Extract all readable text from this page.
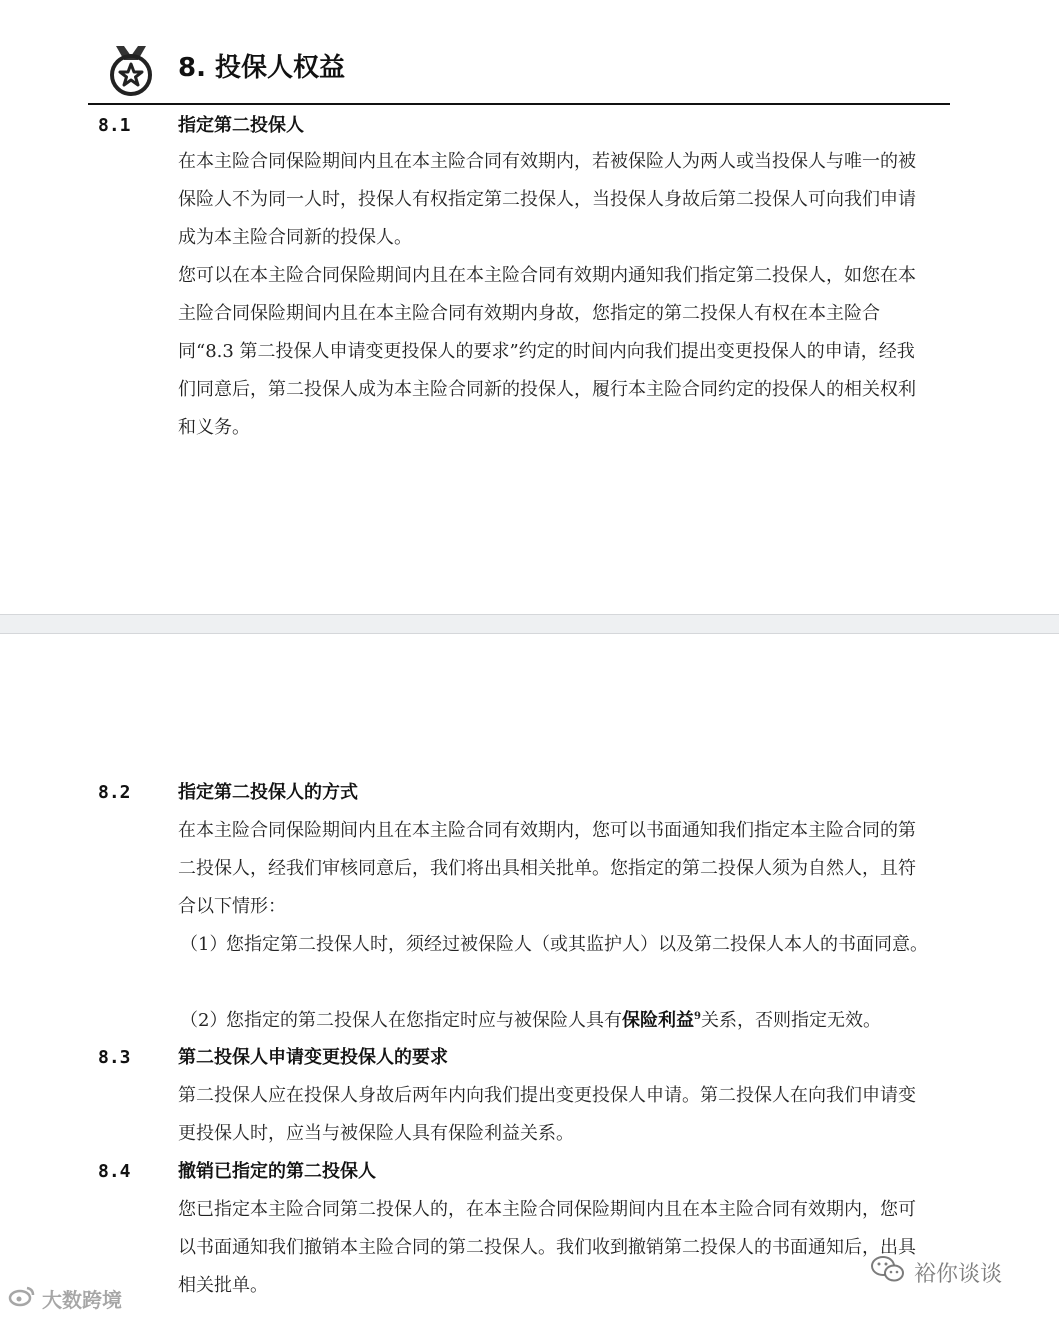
8. 投保人权益

8.1	指定第二投保人

在本主险合同保险期间内且在本主险合同有效期内，若被保险人为两人或当投保人与唯一的被保险人不为同一人时，投保人有权指定第二投保人，当投保人身故后第二投保人可向我们申请成为本主险合同新的投保人。

您可以在本主险合同保险期间内且在本主险合同有效期内通知我们指定第二投保人，如您在本主险合同保险期间内且在本主险合同有效期内身故，您指定的第二投保人有权在本主险合同“8.3 第二投保人申请变更投保人的要求”约定的时间内向我们提出变更投保人的申请，经我们同意后，第二投保人成为本主险合同新的投保人，履行本主险合同约定的投保人的相关权利和义务。

8.2	指定第二投保人的方式

在本主险合同保险期间内且在本主险合同有效期内，您可以书面通知我们指定本主险合同的第二投保人，经我们审核同意后，我们将出具相关批单。您指定的第二投保人须为自然人，且符合以下情形：

（1）

您指定第二投保人时，须经过被保险人（或其监护人）以及第二投保人本人的书面同意。

（2）

您指定的第二投保人在您指定时应与被保险人具有保险利益$^9$关系，否则指定无效。

8.3	第二投保人申请变更投保人的要求

第二投保人应在投保人身故后两年内向我们提出变更投保人申请。第二投保人在向我们申请变更投保人时，应当与被保险人具有保险利益关系。

8.4	撤销已指定的第二投保人

您已指定本主险合同第二投保人的，在本主险合同保险期间内且在本主险合同有效期内，您可以书面通知我们撤销本主险合同的第二投保人。我们收到撤销第二投保人的书面通知后，出具相关批单。

大数跨境
裕你谈谈
